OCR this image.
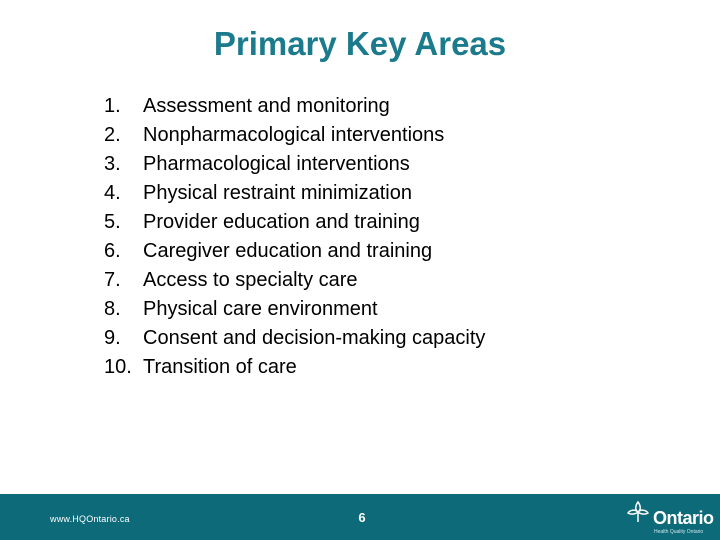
Primary Key Areas
1.	Assessment and monitoring
2.	Nonpharmacological interventions
3.	Pharmacological interventions
4.	Physical restraint minimization
5.	Provider education and training
6.	Caregiver education and training
7.	Access to specialty care
8.	Physical care environment
9.	Consent and decision-making capacity
10. Transition of care
www.HQOntario.ca	6	Ontario
Health Quality Ontario
